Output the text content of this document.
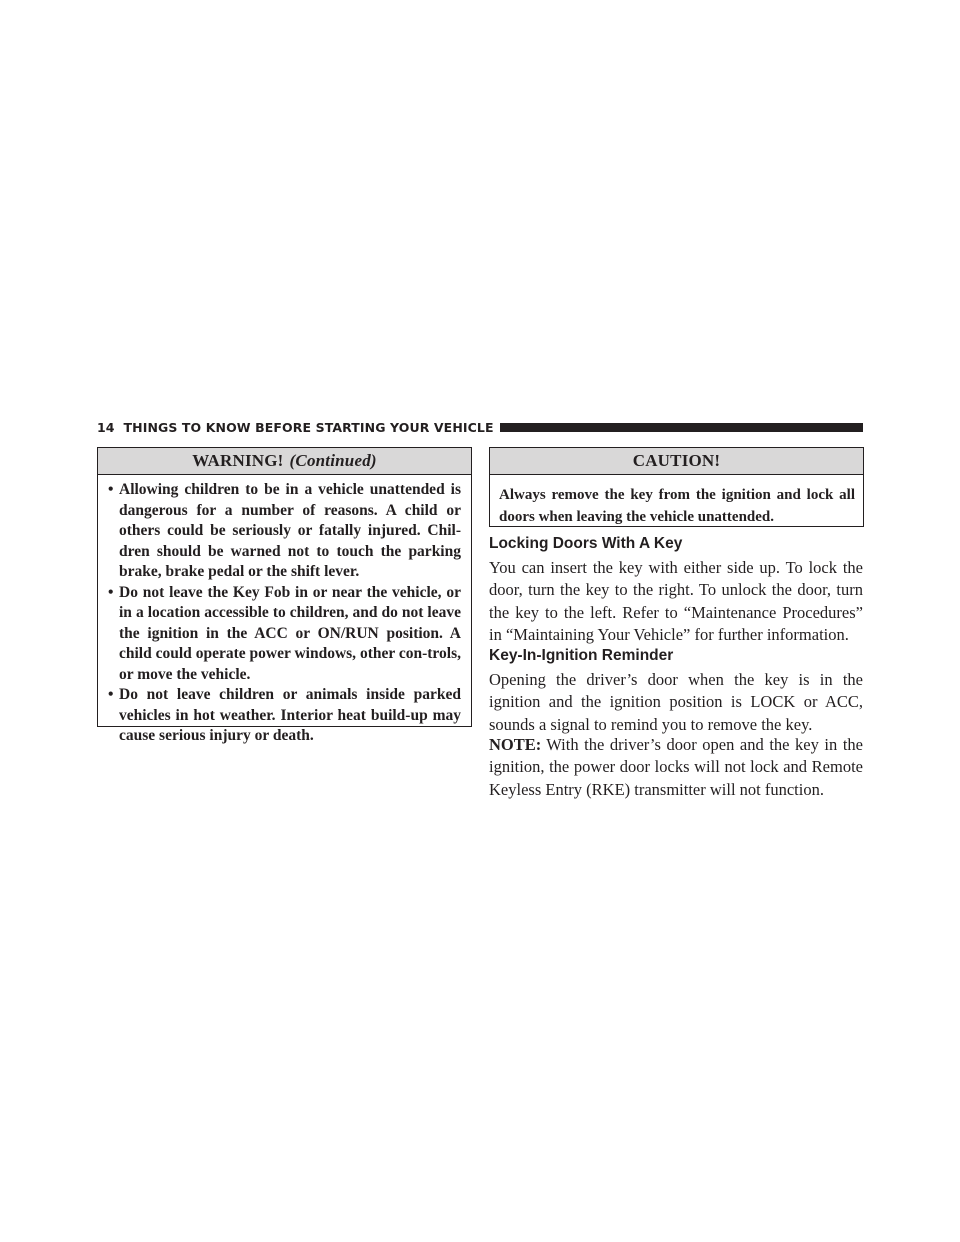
14 THINGS TO KNOW BEFORE STARTING YOUR VEHICLE
WARNING! (Continued)
• Allowing children to be in a vehicle unattended is dangerous for a number of reasons. A child or others could be seriously or fatally injured. Chil-dren should be warned not to touch the parking brake, brake pedal or the shift lever.
• Do not leave the Key Fob in or near the vehicle, or in a location accessible to children, and do not leave the ignition in the ACC or ON/RUN position. A child could operate power windows, other con-trols, or move the vehicle.
• Do not leave children or animals inside parked vehicles in hot weather. Interior heat build-up may cause serious injury or death.
CAUTION!

Always remove the key from the ignition and lock all doors when leaving the vehicle unattended.

Locking Doors With A Key

You can insert the key with either side up. To lock the door, turn the key to the right. To unlock the door, turn the key to the left. Refer to “Maintenance Procedures” in “Maintaining Your Vehicle” for further information.

Key-In-Ignition Reminder

Opening the driver’s door when the key is in the ignition and the ignition position is LOCK or ACC, sounds a signal to remind you to remove the key.

NOTE: With the driver’s door open and the key in the ignition, the power door locks will not lock and Remote Keyless Entry (RKE) transmitter will not function.
